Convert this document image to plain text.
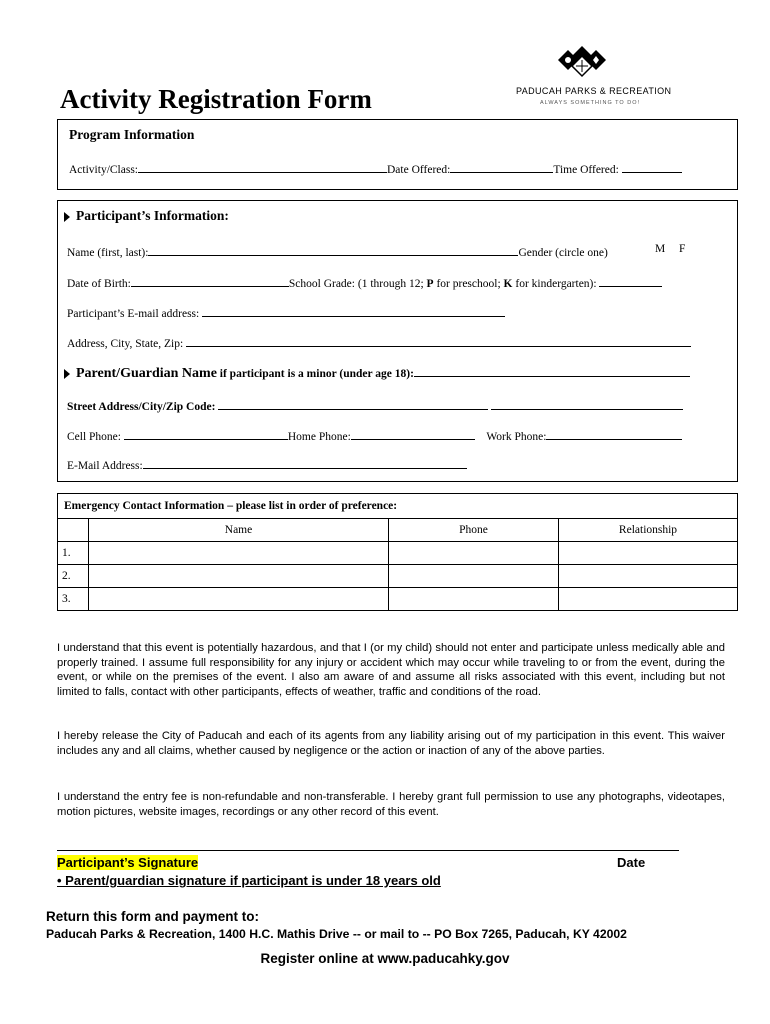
Activity Registration Form	PADUCAH PARKS & RECREATION
ALWAYS SOMETHING TO DO!
Program Information
Activity/Class:	Date Offered:	Time Offered:
Participant’s Information:
Name (first, last):	Gender (circle one)	M F
Date of Birth:	School Grade: (1 through 12; P for preschool; K for kindergarten):
Participant’s E-mail address:
Address, City, State, Zip:
Parent/Guardian Name if participant is a minor (under age 18):
Street Address/City/Zip Code:
Cell Phone:	Home Phone:	Work Phone:
E-Mail Address:
Emergency Contact Information – please list in order of preference:			
	Name	Phone	Relationship
1.			
2.			
3.			
I understand that this event is potentially hazardous, and that I (or my child) should not enter and participate unless medically able and properly trained. I assume full responsibility for any injury or accident which may occur while traveling to or from the event, during the event, or while on the premises of the event. I also am aware of and assume all risks associated with this event, including but not limited to falls, contact with other participants, effects of weather, traffic and conditions of the road.
I hereby release the City of Paducah and each of its agents from any liability arising out of my participation in this event. This waiver includes any and all claims, whether caused by negligence or the action or inaction of any of the above parties.
I understand the entry fee is non-refundable and non-transferable. I hereby grant full permission to use any photographs, videotapes, motion pictures, website images, recordings or any other record of this event.
Participant’s Signature	Date
• Parent/guardian signature if participant is under 18 years old
Return this form and payment to:
Paducah Parks & Recreation, 1400 H.C. Mathis Drive -- or mail to -- PO Box 7265, Paducah, KY 42002
Register online at www.paducahky.gov
